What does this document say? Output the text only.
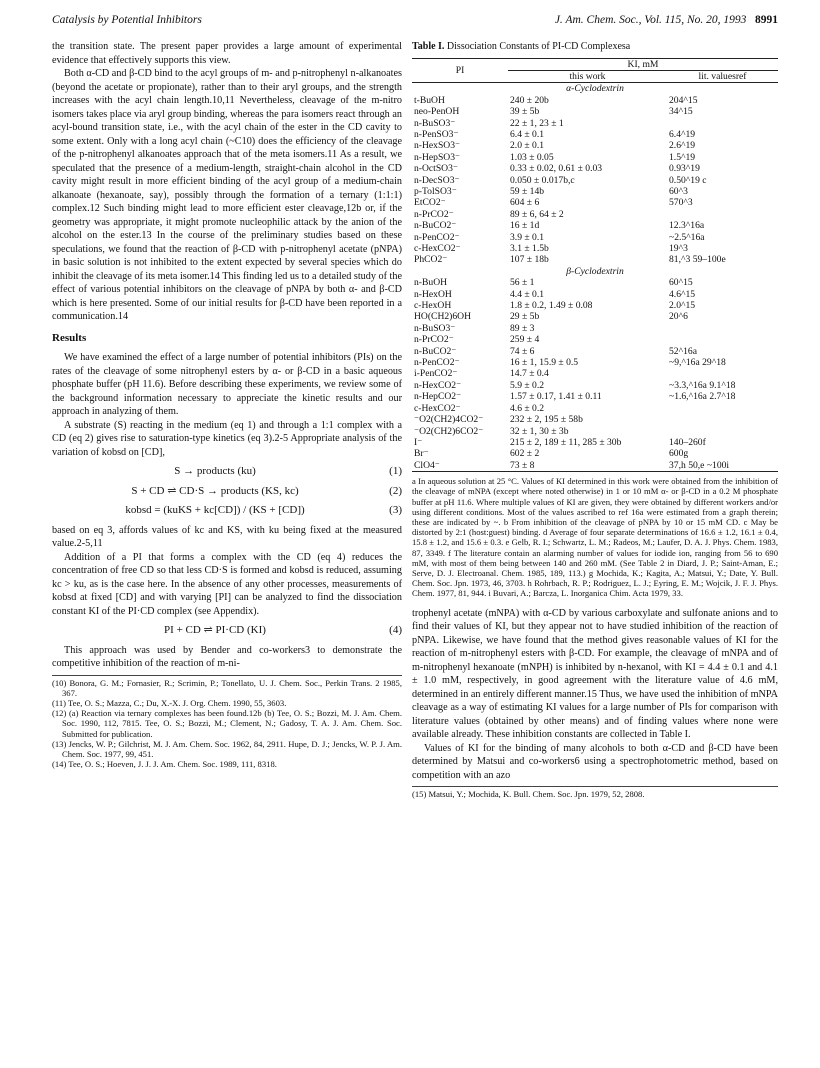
Catalysis by Potential Inhibitors	J. Am. Chem. Soc., Vol. 115, No. 20, 1993 8991

the transition state. The present paper provides a large amount of experimental evidence that effectively supports this view.

Both α-CD and β-CD bind to the acyl groups of m- and p-nitrophenyl n-alkanoates (beyond the acetate or propionate), rather than to their aryl groups, and the strength increases with the acyl chain length.10,11 Nevertheless, cleavage of the m-nitro isomers takes place via aryl group binding, whereas the para isomers react through an acyl-bound transition state, i.e., with the acyl chain of the ester in the CD cavity to some extent. Only with a long acyl chain (~C10) does the efficiency of the cleavage of the p-nitrophenyl alkanoates approach that of the meta isomers.11 As a result, we speculated that the presence of a medium-length, straight-chain alcohol in the CD cavity might result in more efficient binding of the acyl group of a medium-chain alkanoate (hexanoate, say), possibly through the formation of a ternary (1:1:1) complex.12 Such binding might lead to more efficient ester cleavage,12b or, if the geometry was appropriate, it might promote nucleophilic attack by the anion of the alcohol on the ester.13 In the course of the preliminary studies based on these speculations, we found that the reaction of β-CD with p-nitrophenyl acetate (pNPA) in basic solution is not inhibited to the extent expected by several species which do inhibit the cleavage of its meta isomer.14 This finding led us to a detailed study of the effect of various potential inhibitors on the cleavage of pNPA by both α- and β-CD which is here presented. Some of our initial results for β-CD have been reported in a communication.14

Results

We have examined the effect of a large number of potential inhibitors (PIs) on the rates of the cleavage of some nitrophenyl esters by α- or β-CD in a basic aqueous phosphate buffer (pH 11.6). Before describing these experiments, we review some of the background information necessary to appreciate the kinetic results and our approach in analyzing of them.

A substrate (S) reacting in the medium (eq 1) and through a 1:1 complex with a CD (eq 2) gives rise to saturation-type kinetics (eq 3).2-5 Appropriate analysis of the variation of kobsd on [CD],

S → products (ku)	(1)
S + CD ⇌ CD·S → products (KS, kc)	(2)
kobsd = (kuKS + kc[CD]) / (KS + [CD])	(3)

based on eq 3, affords values of kc and KS, with ku being fixed at the measured value.2-5,11

Addition of a PI that forms a complex with the CD (eq 4) reduces the concentration of free CD so that less CD·S is formed and kobsd is reduced, assuming kc > ku, as is the case here. In the absence of any other processes, measurements of kobsd at fixed [CD] and with varying [PI] can be analyzed to find the dissociation constant KI of the PI·CD complex (see Appendix).

PI + CD ⇌ PI·CD (KI)	(4)

This approach was used by Bender and co-workers3 to demonstrate the competitive inhibition of the reaction of m-ni-

(10) Bonora, G. M.; Fornasier, R.; Scrimin, P.; Tonellato, U. J. Chem. Soc., Perkin Trans. 2 1985, 367.
(11) Tee, O. S.; Mazza, C.; Du, X.-X. J. Org. Chem. 1990, 55, 3603.
(12) (a) Reaction via ternary complexes has been found.12b (b) Tee, O. S.; Bozzi, M. J. Am. Chem. Soc. 1990, 112, 7815. Tee, O. S.; Bozzi, M.; Clement, N.; Gadosy, T. A. J. Am. Chem. Soc. Submitted for publication.
(13) Jencks, W. P.; Gilchrist, M. J. Am. Chem. Soc. 1962, 84, 2911. Hupe, D. J.; Jencks, W. P. J. Am. Chem. Soc. 1977, 99, 451.
(14) Tee, O. S.; Hoeven, J. J. J. Am. Chem. Soc. 1989, 111, 8318.
Table I. Dissociation Constants of PI-CD Complexesa
PI	KI, mM	
	this work	lit. valuesref
α-Cyclodextrin		
t-BuOH	240 ± 20b	204^15
neo-PenOH	39 ± 5b	34^15
n-BuSO3⁻	22 ± 1, 23 ± 1	
n-PenSO3⁻	6.4 ± 0.1	6.4^19
n-HexSO3⁻	2.0 ± 0.1	2.6^19
n-HepSO3⁻	1.03 ± 0.05	1.5^19
n-OctSO3⁻	0.33 ± 0.02, 0.61 ± 0.03	0.93^19
n-DecSO3⁻	0.050 ± 0.017b,c	0.50^19 c
p-TolSO3⁻	59 ± 14b	60^3
EtCO2⁻	604 ± 6	570^3
n-PrCO2⁻	89 ± 6, 64 ± 2	
n-BuCO2⁻	16 ± 1d	12.3^16a
n-PenCO2⁻	3.9 ± 0.1	~2.5^16a
c-HexCO2⁻	3.1 ± 1.5b	19^3
PhCO2⁻	107 ± 18b	81,^3 59–100e
β-Cyclodextrin		
n-BuOH	56 ± 1	60^15
n-HexOH	4.4 ± 0.1	4.6^15
c-HexOH	1.8 ± 0.2, 1.49 ± 0.08	2.0^15
HO(CH2)6OH	29 ± 5b	20^6
n-BuSO3⁻	89 ± 3	
n-PrCO2⁻	259 ± 4	
n-BuCO2⁻	74 ± 6	52^16a
n-PenCO2⁻	16 ± 1, 15.9 ± 0.5	~9,^16a 29^18
i-PenCO2⁻	14.7 ± 0.4	
n-HexCO2⁻	5.9 ± 0.2	~3.3,^16a 9.1^18
n-HepCO2⁻	1.57 ± 0.17, 1.41 ± 0.11	~1.6,^16a 2.7^18
c-HexCO2⁻	4.6 ± 0.2	
⁻O2(CH2)4CO2⁻	232 ± 2, 195 ± 58b	
⁻O2(CH2)6CO2⁻	32 ± 1, 30 ± 3b	
I⁻	215 ± 2, 189 ± 11, 285 ± 30b	140–260f
Br⁻	602 ± 2	600g
ClO4⁻	73 ± 8	37,h 50,e ~100i

a In aqueous solution at 25 °C. Values of KI determined in this work were obtained from the inhibition of the cleavage of mNPA (except where noted otherwise) in 1 or 10 mM α- or β-CD in a 0.2 M phosphate buffer at pH 11.6. Where multiple values of KI are given, they were obtained by different workers and/or using different conditions. Most of the values ascribed to ref 16a were estimated from a graph therein; these are indicated by ~. b From inhibition of the cleavage of pNPA by 10 or 15 mM CD. c May be distorted by 2:1 (host:guest) binding. d Average of four separate determinations of 16.6 ± 1.2, 16.1 ± 0.4, 15.8 ± 1.2, and 15.6 ± 0.3. e Gelb, R. I.; Schwartz, L. M.; Radeos, M.; Laufer, D. A. J. Phys. Chem. 1983, 87, 3349. f The literature contain an alarming number of values for iodide ion, ranging from 56 to 690 mM, with most of them being between 140 and 260 mM. (See Table 2 in Diard, J. P.; Saint-Aman, E.; Serve, D. J. Electroanal. Chem. 1985, 189, 113.) g Mochida, K.; Kagita, A.; Matsui, Y.; Date, Y. Bull. Chem. Soc. Jpn. 1973, 46, 3703. h Rohrbach, R. P.; Rodriguez, L. J.; Eyring, E. M.; Wojcik, J. F. J. Phys. Chem. 1977, 81, 944. i Buvari, A.; Barcza, L. Inorganica Chim. Acta 1979, 33.

trophenyl acetate (mNPA) with α-CD by various carboxylate and sulfonate anions and to find their values of KI, but they appear not to have studied inhibition of the reaction of pNPA. Likewise, we have found that the method gives reasonable values of KI for the reaction of m-nitrophenyl esters with β-CD. For example, the cleavage of mNPA and of m-nitrophenyl hexanoate (mNPH) is inhibited by n-hexanol, with KI = 4.4 ± 0.1 and 4.1 ± 1.0 mM, respectively, in good agreement with the literature value of 4.6 mM, determined in an entirely different manner.15 Thus, we have used the inhibition of mNPA cleavage as a way of estimating KI values for a large number of PIs for comparison with literature values (obtained by other means) and of finding values where none were available already. These inhibition constants are collected in Table I.

Values of KI for the binding of many alcohols to both α-CD and β-CD have been determined by Matsui and co-workers6 using a spectrophotometric method, based on competition with an azo

(15) Matsui, Y.; Mochida, K. Bull. Chem. Soc. Jpn. 1979, 52, 2808.
